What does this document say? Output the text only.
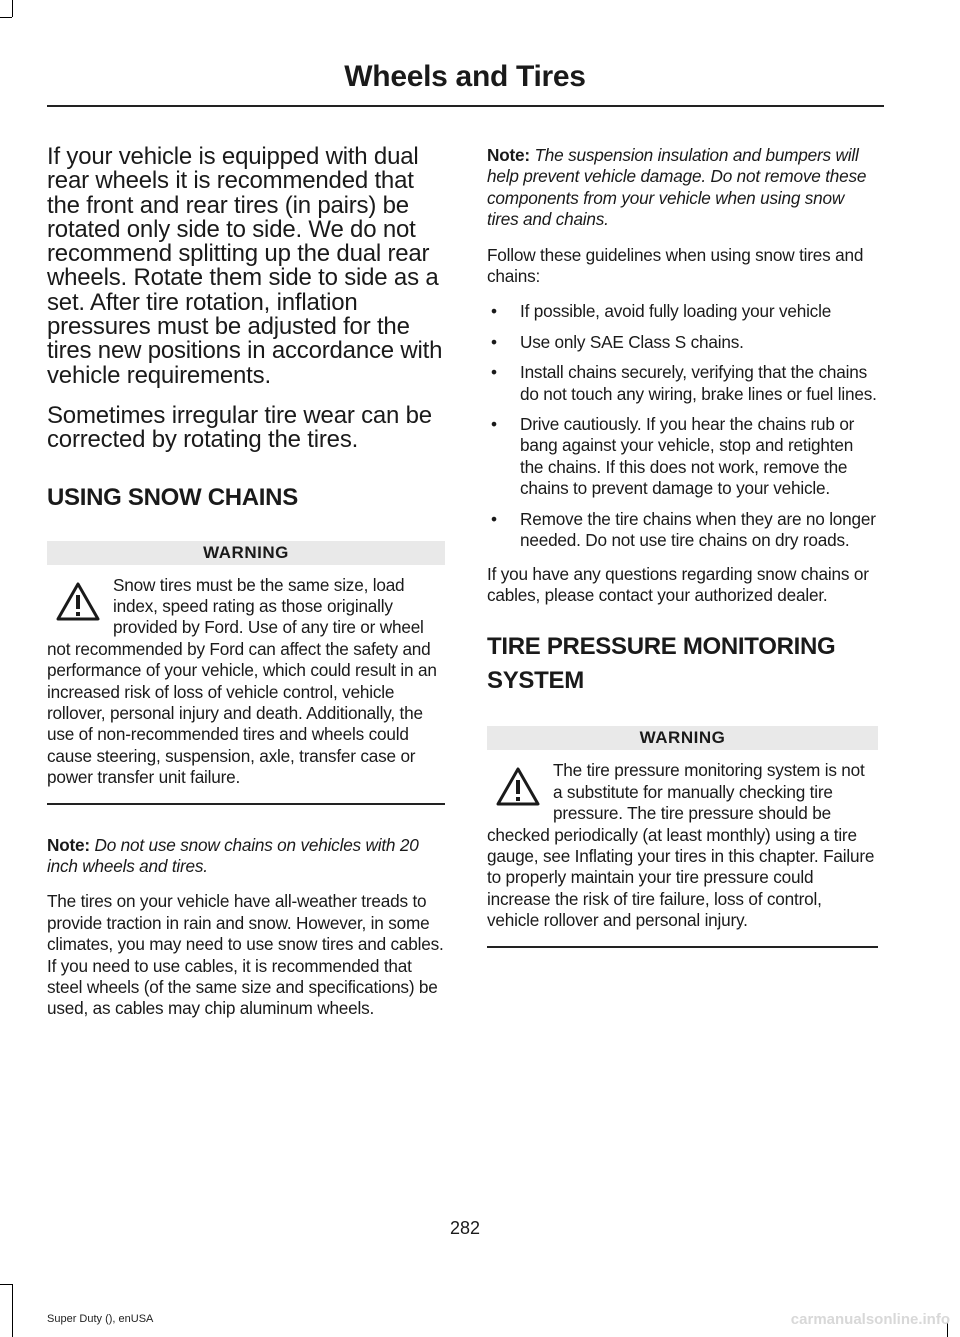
Wheels and Tires

If your vehicle is equipped with dual rear wheels it is recommended that the front and rear tires (in pairs) be rotated only side to side. We do not recommend splitting up the dual rear wheels. Rotate them side to side as a set. After tire rotation, inflation pressures must be adjusted for the tires new positions in accordance with vehicle requirements.

Sometimes irregular tire wear can be corrected by rotating the tires.

USING SNOW CHAINS
WARNING
Snow tires must be the same size, load index, speed rating as those originally provided by Ford. Use of any tire or wheel not recommended by Ford can affect the safety and performance of your vehicle, which could result in an increased risk of loss of vehicle control, vehicle rollover, personal injury and death. Additionally, the use of non-recommended tires and wheels could cause steering, suspension, axle, transfer case or power transfer unit failure.

Note: Do not use snow chains on vehicles with 20 inch wheels and tires.

The tires on your vehicle have all-weather treads to provide traction in rain and snow. However, in some climates, you may need to use snow tires and cables. If you need to use cables, it is recommended that steel wheels (of the same size and specifications) be used, as cables may chip aluminum wheels.

Note: The suspension insulation and bumpers will help prevent vehicle damage. Do not remove these components from your vehicle when using snow tires and chains.

Follow these guidelines when using snow tires and chains:

• If possible, avoid fully loading your vehicle
• Use only SAE Class S chains.
• Install chains securely, verifying that the chains do not touch any wiring, brake lines or fuel lines.
• Drive cautiously. If you hear the chains rub or bang against your vehicle, stop and retighten the chains. If this does not work, remove the chains to prevent damage to your vehicle.
• Remove the tire chains when they are no longer needed. Do not use tire chains on dry roads.

If you have any questions regarding snow chains or cables, please contact your authorized dealer.

TIRE PRESSURE MONITORING
SYSTEM
WARNING
The tire pressure monitoring system is not a substitute for manually checking tire pressure. The tire pressure should be checked periodically (at least monthly) using a tire gauge, see Inflating your tires in this chapter. Failure to properly maintain your tire pressure could increase the risk of tire failure, loss of control, vehicle rollover and personal injury.
282
Super Duty (), enUSA	carmanualsonline.info
